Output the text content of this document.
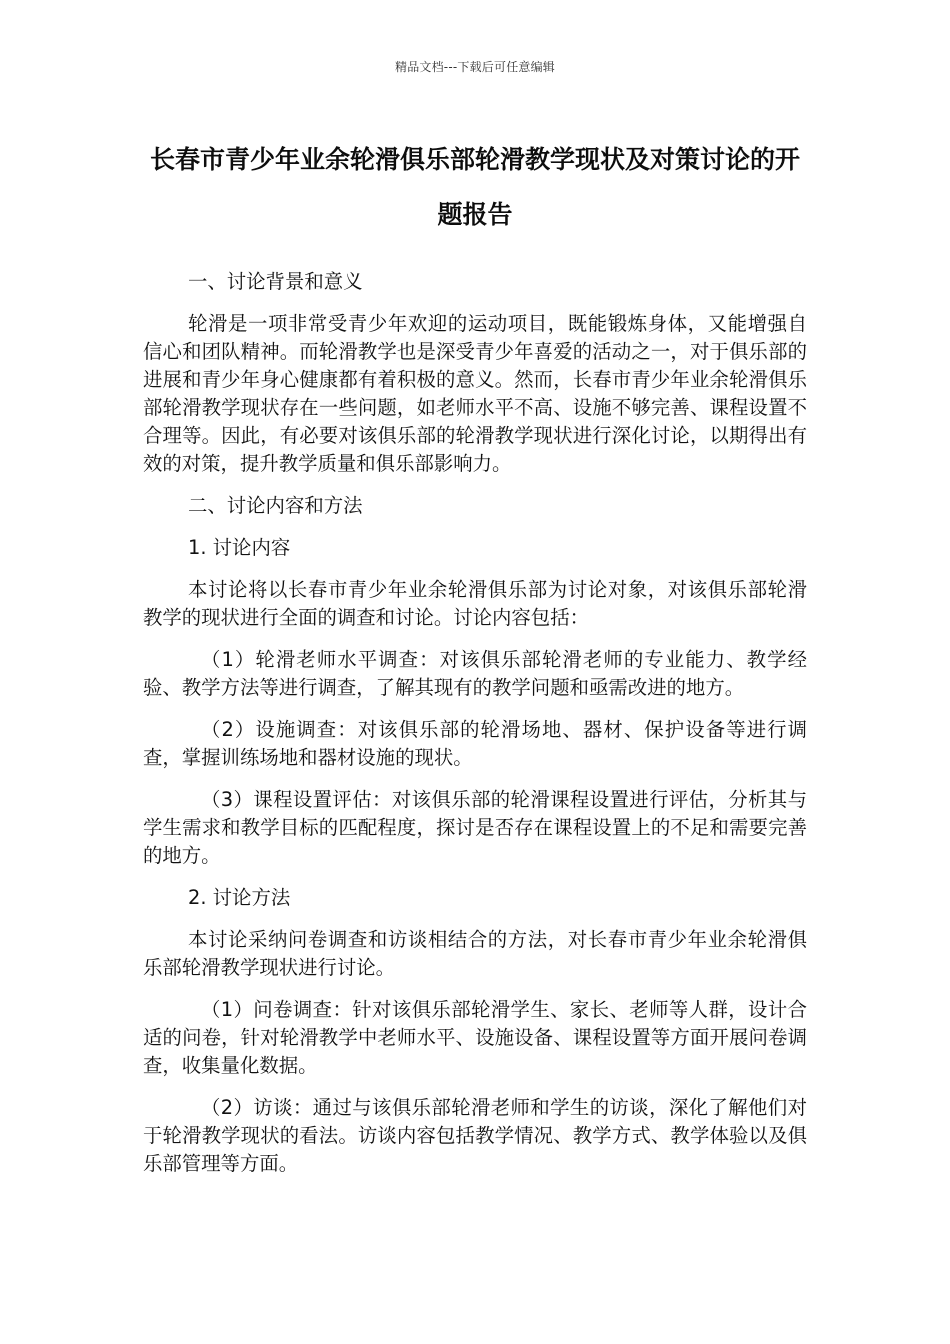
精品文档---下载后可任意编辑
长春市青少年业余轮滑俱乐部轮滑教学现状及对策讨论的开题报告

一、讨论背景和意义

轮滑是一项非常受青少年欢迎的运动项目，既能锻炼身体，又能增强自信心和团队精神。而轮滑教学也是深受青少年喜爱的活动之一，对于俱乐部的进展和青少年身心健康都有着积极的意义。然而，长春市青少年业余轮滑俱乐部轮滑教学现状存在一些问题，如老师水平不高、设施不够完善、课程设置不合理等。因此，有必要对该俱乐部的轮滑教学现状进行深化讨论，以期得出有效的对策，提升教学质量和俱乐部影响力。

二、讨论内容和方法

1. 讨论内容

本讨论将以长春市青少年业余轮滑俱乐部为讨论对象，对该俱乐部轮滑教学的现状进行全面的调查和讨论。讨论内容包括：

（1）轮滑老师水平调查：对该俱乐部轮滑老师的专业能力、教学经验、教学方法等进行调查，了解其现有的教学问题和亟需改进的地方。

（2）设施调查：对该俱乐部的轮滑场地、器材、保护设备等进行调查，掌握训练场地和器材设施的现状。

（3）课程设置评估：对该俱乐部的轮滑课程设置进行评估，分析其与学生需求和教学目标的匹配程度，探讨是否存在课程设置上的不足和需要完善的地方。

2. 讨论方法

本讨论采纳问卷调查和访谈相结合的方法，对长春市青少年业余轮滑俱乐部轮滑教学现状进行讨论。

（1）问卷调查：针对该俱乐部轮滑学生、家长、老师等人群，设计合适的问卷，针对轮滑教学中老师水平、设施设备、课程设置等方面开展问卷调查，收集量化数据。

（2）访谈：通过与该俱乐部轮滑老师和学生的访谈，深化了解他们对于轮滑教学现状的看法。访谈内容包括教学情况、教学方式、教学体验以及俱乐部管理等方面。
